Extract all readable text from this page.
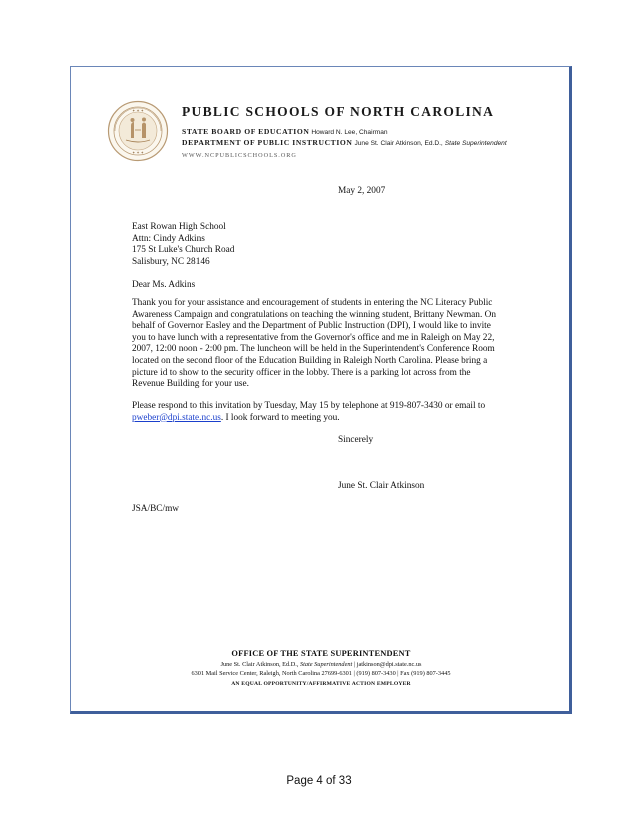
✦ ✦ ✦
✦ ✦ ✦
PUBLIC SCHOOLS OF NORTH CAROLINA
STATE BOARD OF EDUCATION Howard N. Lee, Chairman
DEPARTMENT OF PUBLIC INSTRUCTION June St. Clair Atkinson, Ed.D., State Superintendent
WWW.NCPUBLICSCHOOLS.ORG
May 2, 2007
East Rowan High School
Attn: Cindy Adkins
175 St Luke's Church Road
Salisbury, NC 28146
Dear Ms. Adkins
Thank you for your assistance and encouragement of students in entering the NC Literacy Public
Awareness Campaign and congratulations on teaching the winning student, Brittany Newman. On
behalf of Governor Easley and the Department of Public Instruction (DPI), I would like to invite
you to have lunch with a representative from the Governor's office and me in Raleigh on May 22,
2007, 12:00 noon - 2:00 pm. The luncheon will be held in the Superintendent's Conference Room
located on the second floor of the Education Building in Raleigh North Carolina. Please bring a
picture id to show to the security officer in the lobby. There is a parking lot across from the
Revenue Building for your use.
Please respond to this invitation by Tuesday, May 15 by telephone at 919-807-3430 or email to
pweber@dpi.state.nc.us. I look forward to meeting you.
Sincerely
June St. Clair Atkinson
JSA/BC/mw
OFFICE OF THE STATE SUPERINTENDENT
June St. Clair Atkinson, Ed.D., State Superintendent | jatkinson@dpi.state.nc.us
6301 Mail Service Center, Raleigh, North Carolina 27699-6301 | (919) 807-3430 | Fax (919) 807-3445
AN EQUAL OPPORTUNITY/AFFIRMATIVE ACTION EMPLOYER
Page 4 of 33
